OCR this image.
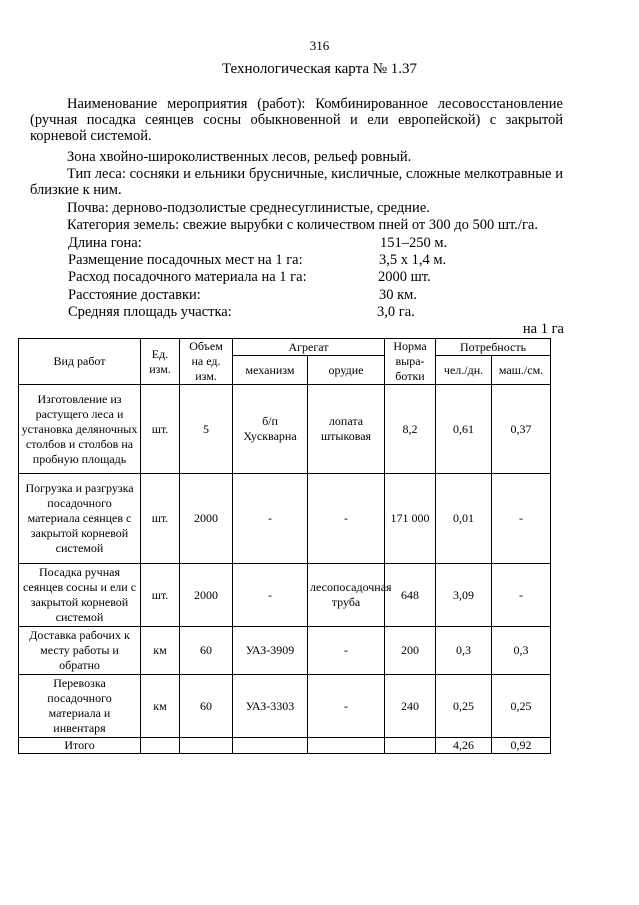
316
Технологическая карта № 1.37
Наименование мероприятия (работ): Комбинированное лесовосстановление (ручная посадка сеянцев сосны обыкновенной и ели европейской) с закрытой корневой системой.
Зона хвойно-широколиственных лесов, рельеф ровный.
Тип леса: сосняки и ельники брусничные, кисличные, сложные мелкотравные и близкие к ним.
Почва: дерново-подзолистые среднесуглинистые, средние.
Категория земель: свежие вырубки с количеством пней от 300 до 500 шт./га.
Длина гона:	151–250 м.
Размещение посадочных мест на 1 га:	3,5 х 1,4 м.
Расход посадочного материала на 1 га:	2000 шт.
Расстояние доставки:	30 км.
Средняя площадь участка:	3,0 га.
на 1 га
Вид работ	Ед. изм.	Объем на ед. изм.	Агрегат		Норма выра-ботки	Потребность	
			механизм	орудие		чел./дн.	маш./см.
Изготовление из растущего леса и установка деляночных столбов и столбов на пробную площадь	шт.	5	б/п Хускварна	лопата штыковая	8,2	0,61	0,37
Погрузка и разгрузка посадочного материала сеянцев с закрытой корневой системой	шт.	2000	-	-	171 000	0,01	-
Посадка ручная сеянцев сосны и ели с закрытой корневой системой	шт.	2000	-	лесопосадочная труба	648	3,09	-
Доставка рабочих к месту работы и обратно	км	60	УАЗ-3909	-	200	0,3	0,3
Перевозка посадочного материала и инвентаря	км	60	УАЗ-3303	-	240	0,25	0,25
Итого						4,26	0,92
